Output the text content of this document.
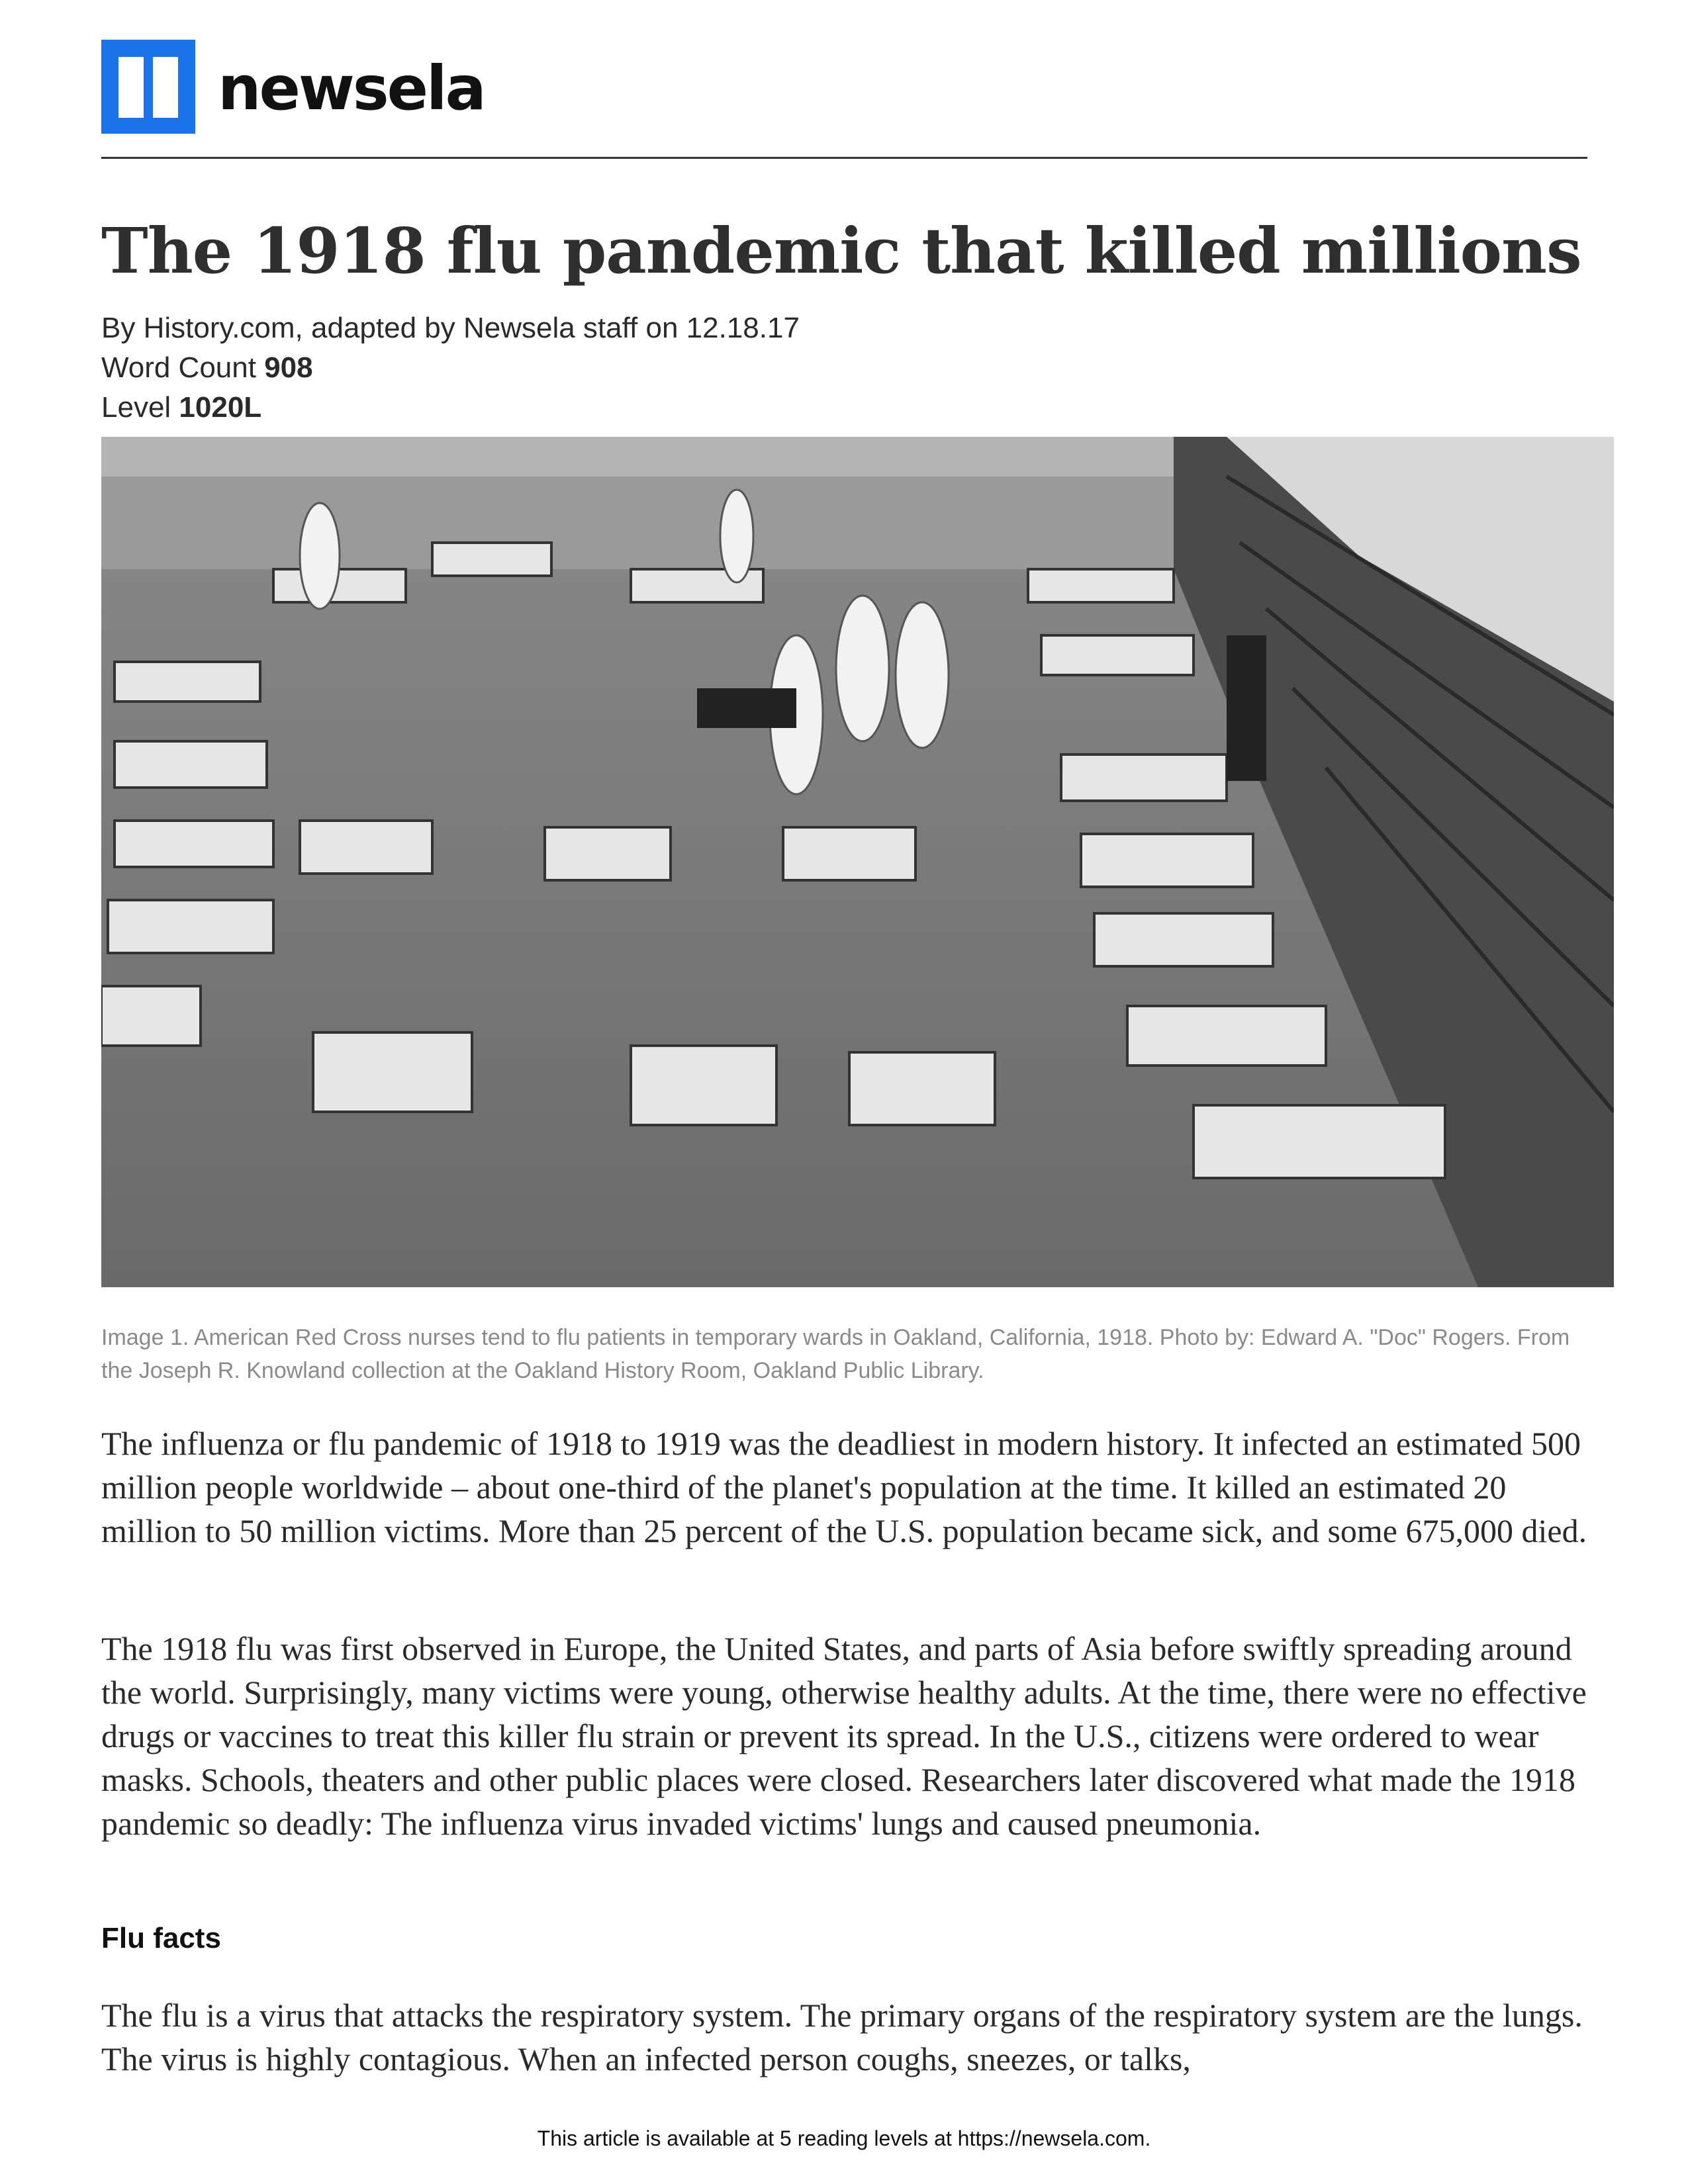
newsela
The 1918 flu pandemic that killed millions
By History.com, adapted by Newsela staff on 12.18.17
Word Count 908
Level 1020L
Image 1. American Red Cross nurses tend to flu patients in temporary wards in Oakland, California, 1918. Photo by: Edward A. "Doc" Rogers. From the Joseph R. Knowland collection at the Oakland History Room, Oakland Public Library.

The influenza or flu pandemic of 1918 to 1919 was the deadliest in modern history. It infected an estimated 500 million people worldwide – about one-third of the planet's population at the time. It killed an estimated 20 million to 50 million victims. More than 25 percent of the U.S. population became sick, and some 675,000 died.

The 1918 flu was first observed in Europe, the United States, and parts of Asia before swiftly spreading around the world. Surprisingly, many victims were young, otherwise healthy adults. At the time, there were no effective drugs or vaccines to treat this killer flu strain or prevent its spread. In the U.S., citizens were ordered to wear masks. Schools, theaters and other public places were closed. Researchers later discovered what made the 1918 pandemic so deadly: The influenza virus invaded victims' lungs and caused pneumonia.

Flu facts

The flu is a virus that attacks the respiratory system. The primary organs of the respiratory system are the lungs. The virus is highly contagious. When an infected person coughs, sneezes, or talks,

This article is available at 5 reading levels at https://newsela.com.
